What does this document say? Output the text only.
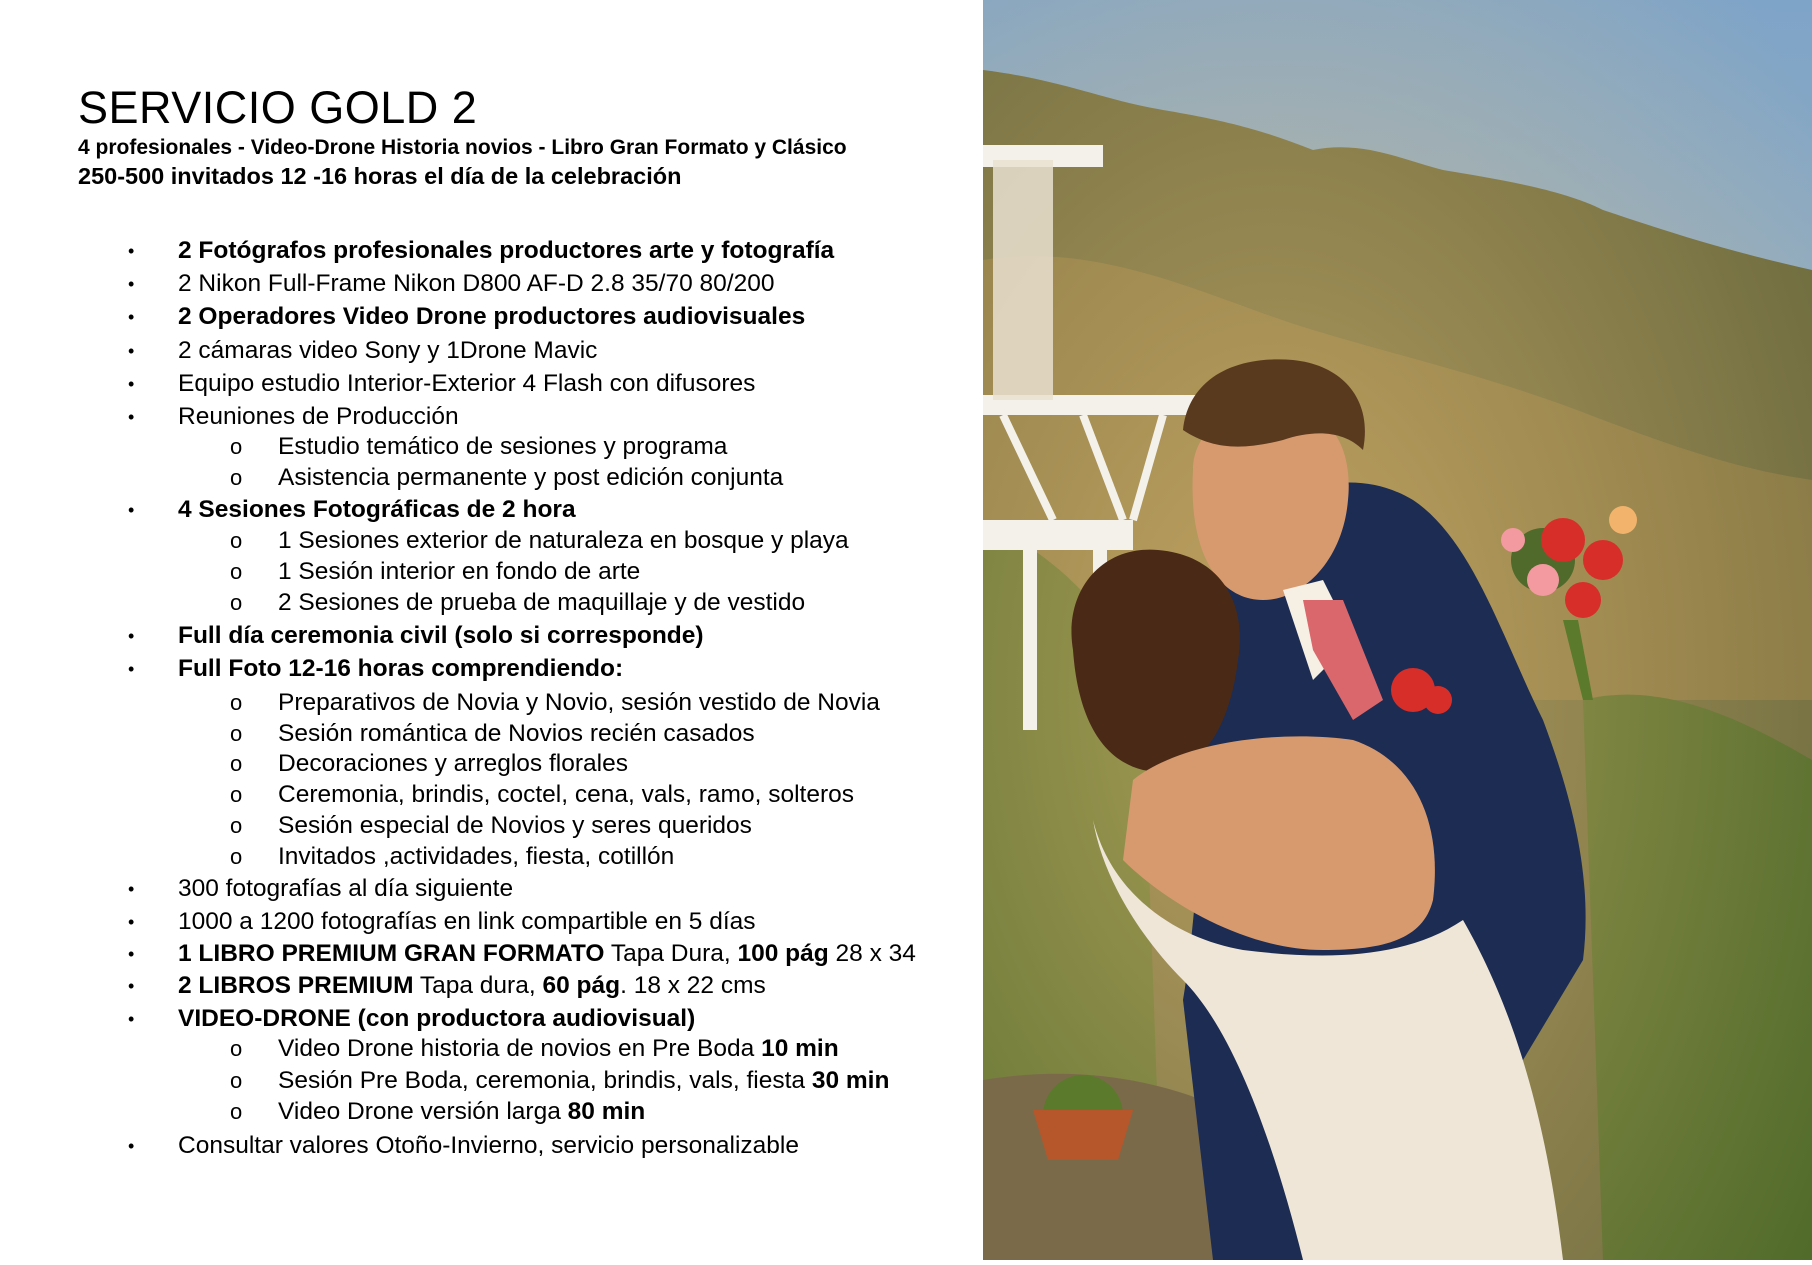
SERVICIO GOLD 2
4 profesionales - Video-Drone Historia novios - Libro Gran Formato y Clásico
250-500 invitados 12 -16 horas el día de la celebración
• 2 Fotógrafos profesionales productores arte y fotografía
• 2 Nikon Full-Frame Nikon D800 AF-D 2.8 35/70 80/200
• 2 Operadores Video Drone productores audiovisuales
• 2 cámaras video Sony y 1Drone Mavic
• Equipo estudio Interior-Exterior 4 Flash con difusores
• Reuniones de Producción
o Estudio temático de sesiones y programa
o Asistencia permanente y post edición conjunta
• 4 Sesiones Fotográficas de 2 hora
o 1 Sesiones exterior de naturaleza en bosque y playa
o 1 Sesión interior en fondo de arte
o 2 Sesiones de prueba de maquillaje y de vestido
• Full día ceremonia civil (solo si corresponde)
• Full Foto 12-16 horas comprendiendo:
o Preparativos de Novia y Novio, sesión vestido de Novia
o Sesión romántica de Novios recién casados
o Decoraciones y arreglos florales
o Ceremonia, brindis, coctel, cena, vals, ramo, solteros
o Sesión especial de Novios y seres queridos
o Invitados ,actividades, fiesta, cotillón
• 300 fotografías al día siguiente
• 1000 a 1200 fotografías en link compartible en 5 días
• 1 LIBRO PREMIUM GRAN FORMATO Tapa Dura, 100 pág 28 x 34
• 2 LIBROS PREMIUM Tapa dura, 60 pág. 18 x 22 cms
• VIDEO-DRONE (con productora audiovisual)
o Video Drone historia de novios en Pre Boda 10 min
o Sesión Pre Boda, ceremonia, brindis, vals, fiesta 30 min
o Video Drone versión larga 80 min
• Consultar valores Otoño-Invierno, servicio personalizable
